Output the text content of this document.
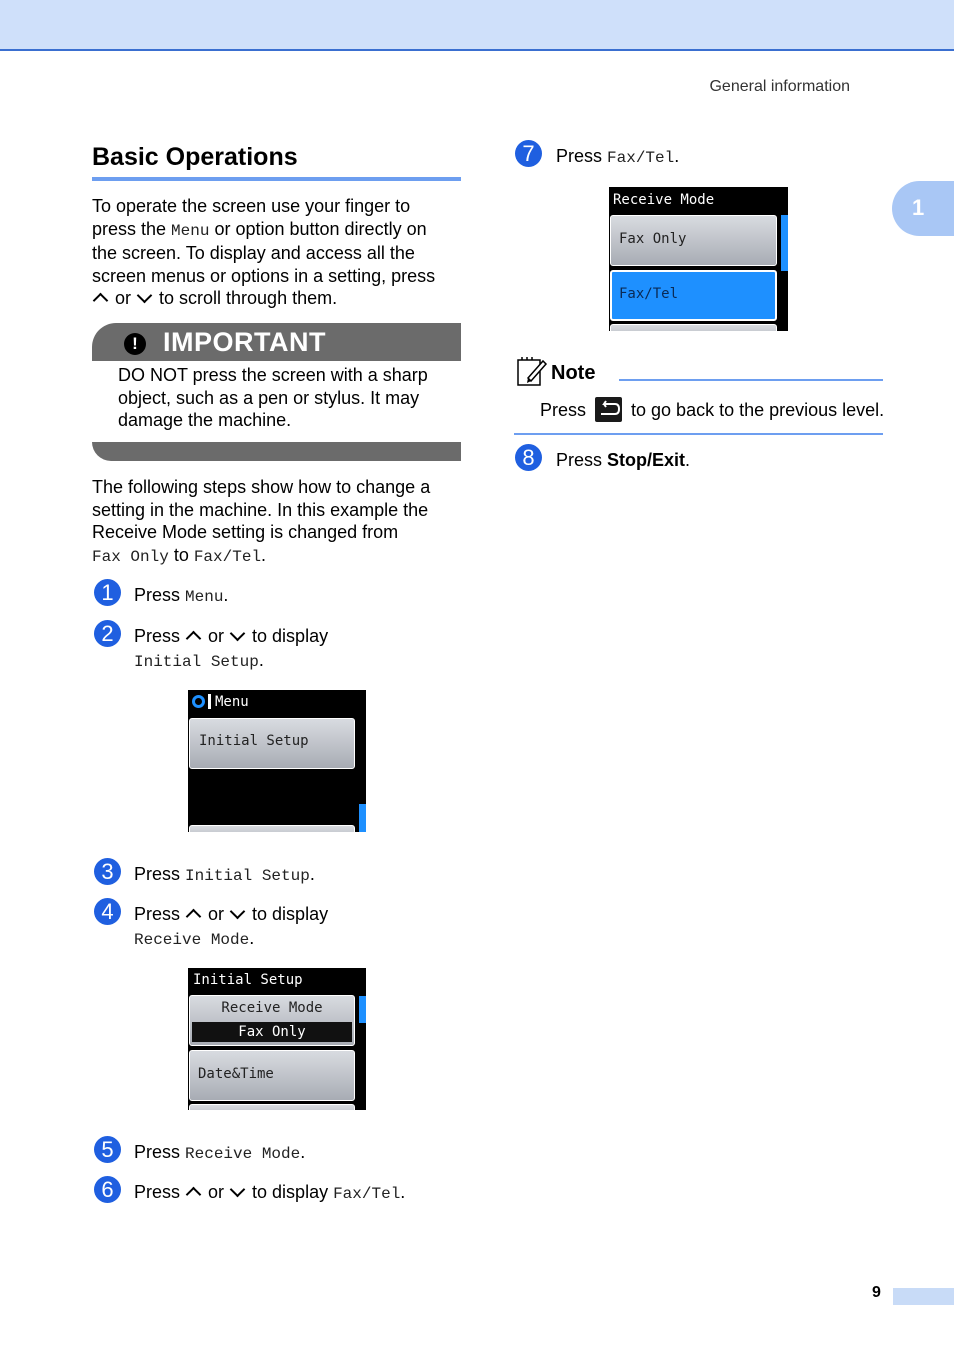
General information
1
Basic Operations
To operate the screen use your finger to
press the Menu or option button directly on
the screen. To display and access all the
screen menus or options in a setting, press
or  to scroll through them.
! IMPORTANT
DO NOT press the screen with a sharp
object, such as a pen or stylus. It may
damage the machine.
The following steps show how to change a
setting in the machine. In this example the
Receive Mode setting is changed from
Fax Only to Fax/Tel.
1	Press Menu.
2	Press  or  to display
Initial Setup.
Menu
Initial Setup
3	Press Initial Setup.
4	Press  or  to display
Receive Mode.
Initial Setup
Receive Mode
Fax Only
Date&Time
5	Press Receive Mode.
6	Press  or  to display Fax/Tel.
7	Press Fax/Tel.
Receive Mode
Fax Only
Fax/Tel
Note
Press  to go back to the previous level.
8	Press Stop/Exit.
9
